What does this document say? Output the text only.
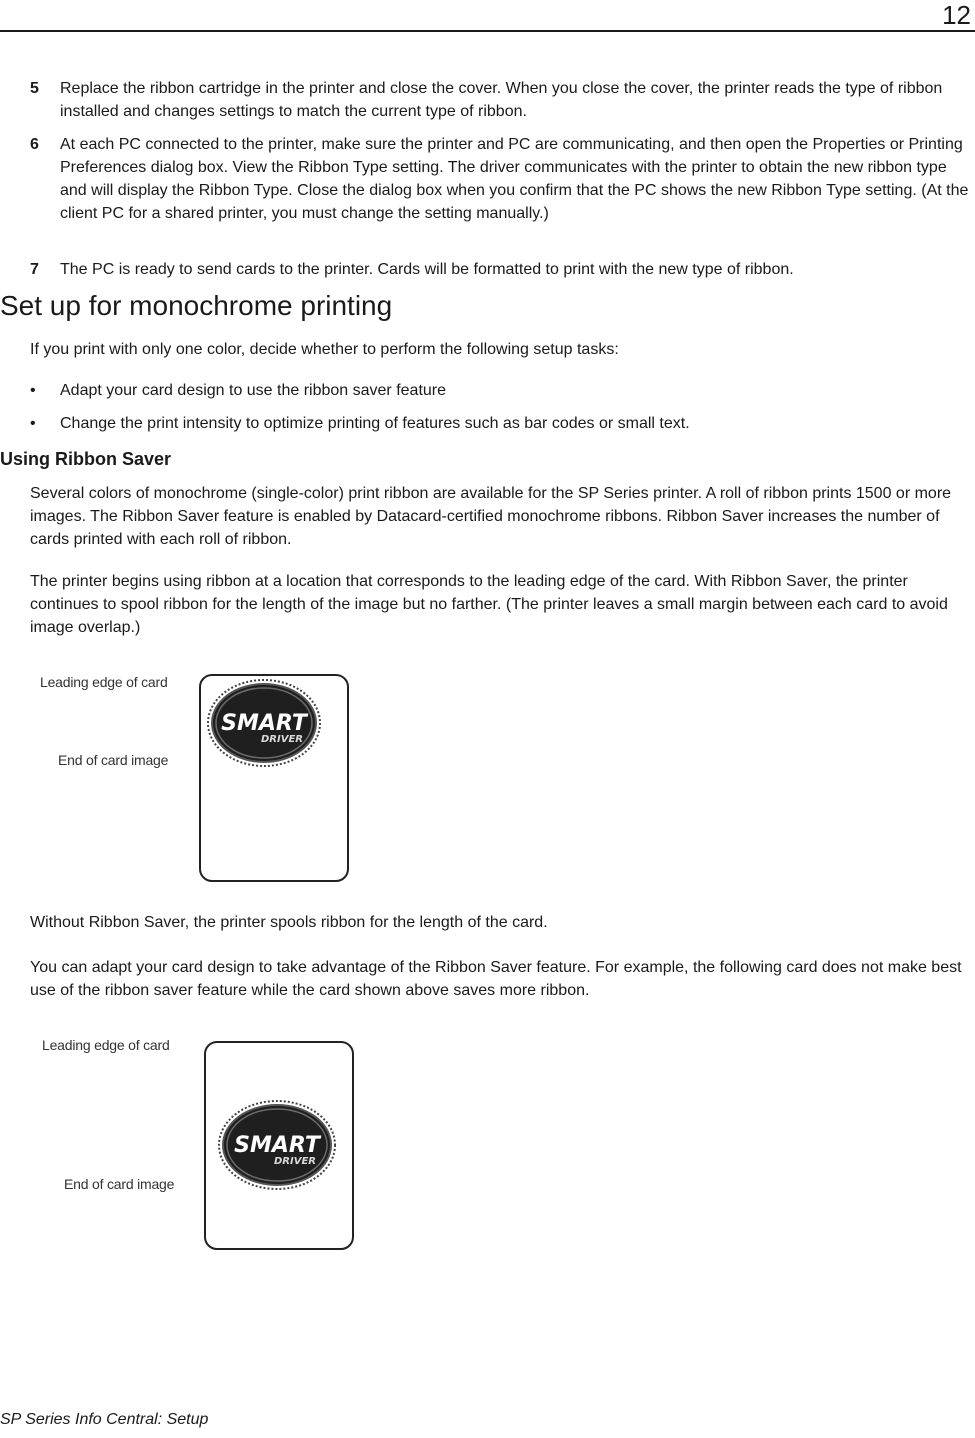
12
5 Replace the ribbon cartridge in the printer and close the cover. When you close the cover, the printer reads the type of ribbon installed and changes settings to match the current type of ribbon.
6 At each PC connected to the printer, make sure the printer and PC are communicating, and then open the Properties or Printing Preferences dialog box. View the Ribbon Type setting. The driver communicates with the printer to obtain the new ribbon type and will display the Ribbon Type. Close the dialog box when you confirm that the PC shows the new Ribbon Type setting. (At the client PC for a shared printer, you must change the setting manually.)
7 The PC is ready to send cards to the printer. Cards will be formatted to print with the new type of ribbon.
Set up for monochrome printing
If you print with only one color, decide whether to perform the following setup tasks:
• Adapt your card design to use the ribbon saver feature
• Change the print intensity to optimize printing of features such as bar codes or small text.
Using Ribbon Saver
Several colors of monochrome (single-color) print ribbon are available for the SP Series printer. A roll of ribbon prints 1500 or more images. The Ribbon Saver feature is enabled by Datacard-certified monochrome ribbons. Ribbon Saver increases the number of cards printed with each roll of ribbon.
The printer begins using ribbon at a location that corresponds to the leading edge of the card. With Ribbon Saver, the printer continues to spool ribbon for the length of the image but no farther. (The printer leaves a small margin between each card to avoid image overlap.)
Leading edge of card
End of card image
SMART
DRIVER
Without Ribbon Saver, the printer spools ribbon for the length of the card.
You can adapt your card design to take advantage of the Ribbon Saver feature. For example, the following card does not make best use of the ribbon saver feature while the card shown above saves more ribbon.
Leading edge of card
End of card image
SMART
DRIVER
SP Series Info Central: Setup
